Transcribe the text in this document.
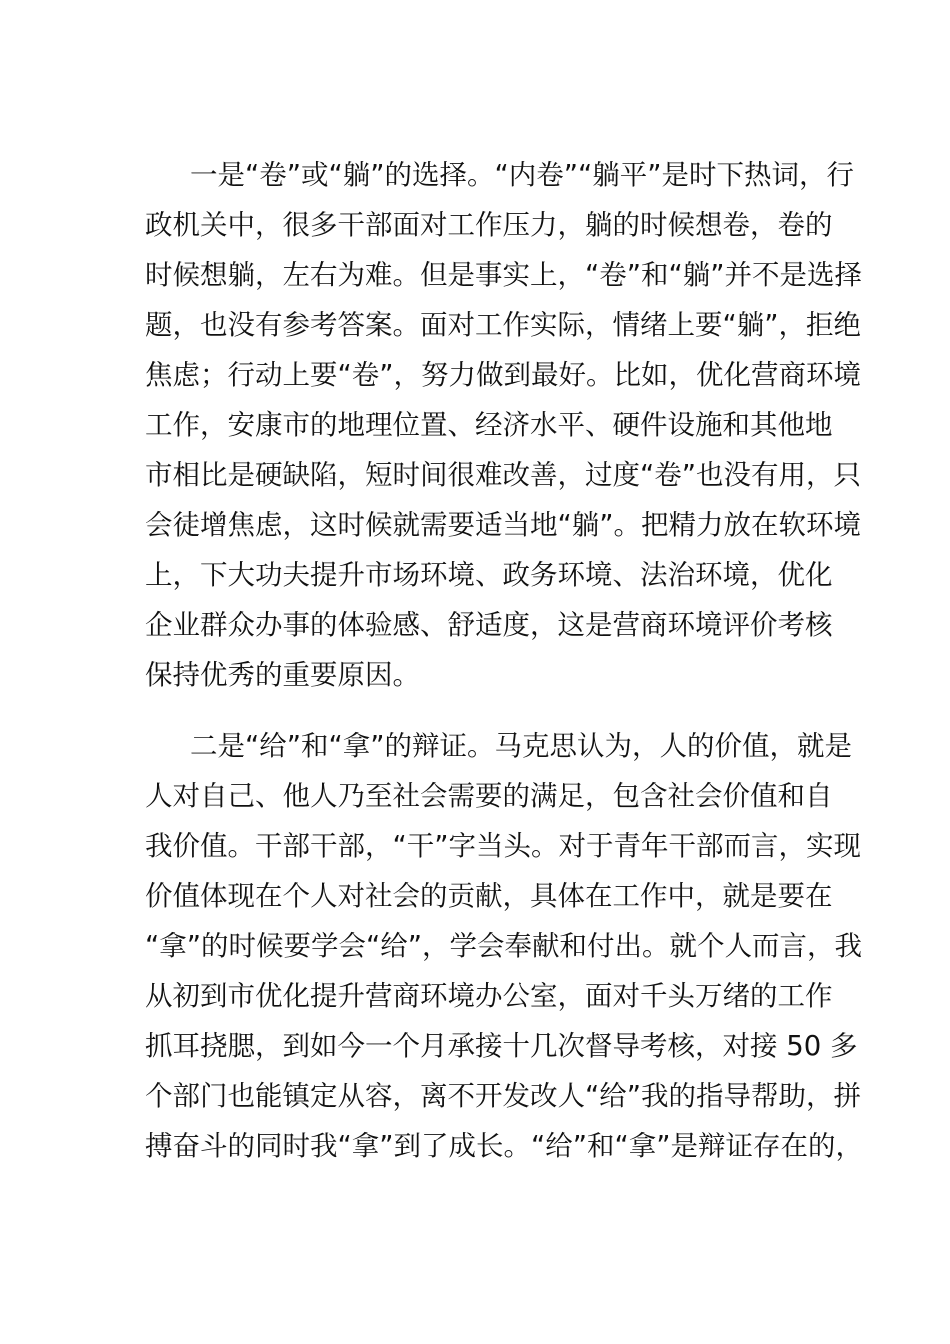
一是“卷”或“躺”的选择。“内卷”“躺平”是时下热词，行
政机关中，很多干部面对工作压力，躺的时候想卷，卷的
时候想躺，左右为难。但是事实上，“卷”和“躺”并不是选择
题，也没有参考答案。面对工作实际，情绪上要“躺”，拒绝
焦虑；行动上要“卷”，努力做到最好。比如，优化营商环境
工作，安康市的地理位置、经济水平、硬件设施和其他地
市相比是硬缺陷，短时间很难改善，过度“卷”也没有用，只
会徒增焦虑，这时候就需要适当地“躺”。把精力放在软环境
上，下大功夫提升市场环境、政务环境、法治环境，优化
企业群众办事的体验感、舒适度，这是营商环境评价考核
保持优秀的重要原因。
二是“给”和“拿”的辩证。马克思认为，人的价值，就是
人对自己、他人乃至社会需要的满足，包含社会价值和自
我价值。干部干部，“干”字当头。对于青年干部而言，实现
价值体现在个人对社会的贡献，具体在工作中，就是要在
“拿”的时候要学会“给”，学会奉献和付出。就个人而言，我
从初到市优化提升营商环境办公室，面对千头万绪的工作
抓耳挠腮，到如今一个月承接十几次督导考核，对接 50 多
个部门也能镇定从容，离不开发改人“给”我的指导帮助，拼
搏奋斗的同时我“拿”到了成长。“给”和“拿”是辩证存在的，
